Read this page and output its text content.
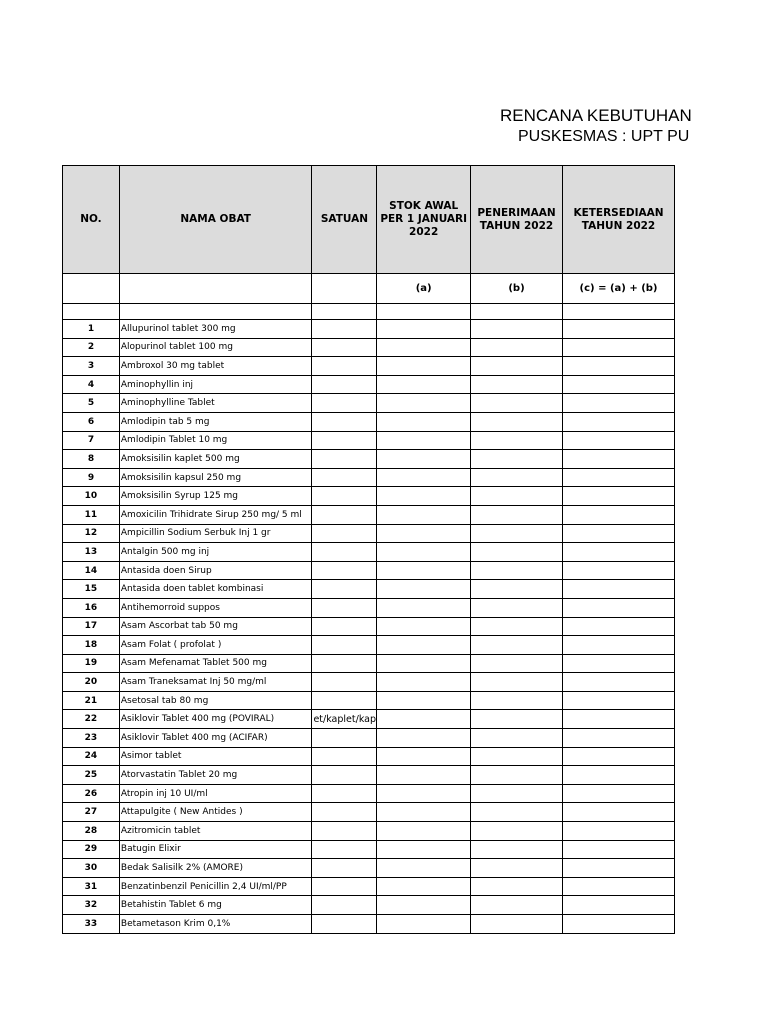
RENCANA KEBUTUHAN
PUSKESMAS : UPT PU
NO.	NAMA OBAT	SATUAN	STOK AWAL PER 1 JANUARI 2022	PENERIMAAN TAHUN 2022	KETERSEDIAAN TAHUN 2022
			(a)	(b)	(c) = (a) + (b)

1	Allupurinol tablet 300 mg				
2	Alopurinol tablet 100 mg				
3	Ambroxol 30 mg tablet				
4	Aminophyllin inj				
5	Aminophylline Tablet				
6	Amlodipin tab 5 mg				
7	Amlodipin Tablet 10 mg				
8	Amoksisilin kaplet 500 mg				
9	Amoksisilin kapsul 250 mg				
10	Amoksisilin Syrup 125 mg				
11	Amoxicilin Trihidrate Sirup 250 mg/ 5 ml				
12	Ampicillin Sodium Serbuk Inj 1 gr				
13	Antalgin 500 mg inj				
14	Antasida doen Sirup				
15	Antasida doen tablet kombinasi				
16	Antihemorroid suppos				
17	Asam Ascorbat tab 50 mg				
18	Asam Folat ( profolat )				
19	Asam Mefenamat Tablet 500 mg				
20	Asam Traneksamat Inj 50 mg/ml				
21	Asetosal tab 80 mg				
22	Asiklovir Tablet 400 mg (POVIRAL)	et/kaplet/kap			
23	Asiklovir Tablet 400 mg (ACIFAR)				
24	Asimor tablet				
25	Atorvastatin Tablet 20 mg				
26	Atropin inj 10 UI/ml				
27	Attapulgite ( New Antides )				
28	Azitromicin tablet				
29	Batugin Elixir				
30	Bedak Salisilk 2% (AMORE)				
31	Benzatinbenzil Penicillin 2,4 UI/ml/PP				
32	Betahistin Tablet 6 mg				
33	Betametason Krim 0,1%				
